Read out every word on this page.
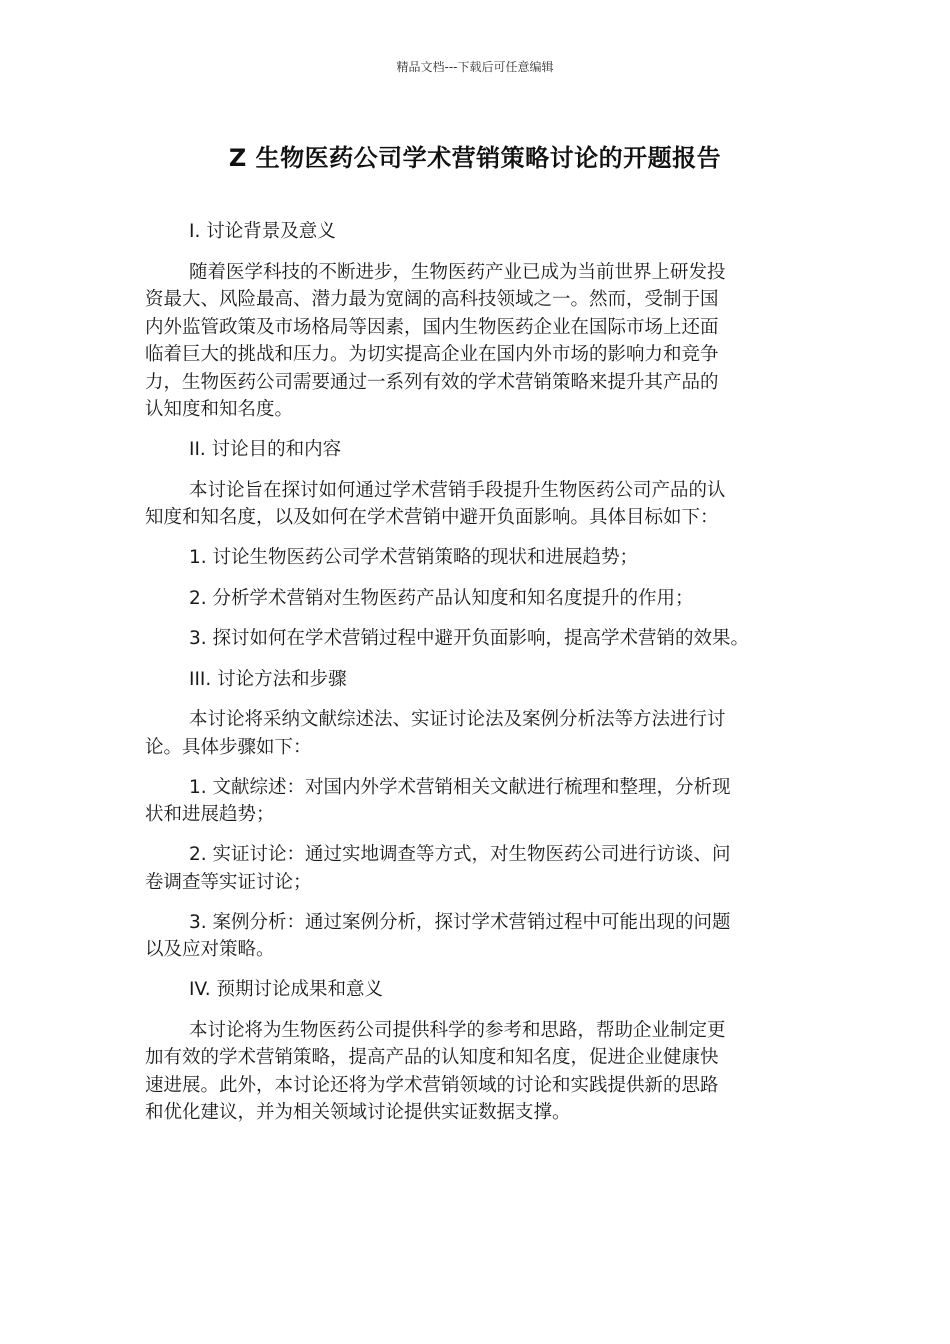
精品文档---下载后可任意编辑
Z 生物医药公司学术营销策略讨论的开题报告
I. 讨论背景及意义
随着医学科技的不断进步，生物医药产业已成为当前世界上研发投
资最大、风险最高、潜力最为宽阔的高科技领域之一。然而，受制于国
内外监管政策及市场格局等因素，国内生物医药企业在国际市场上还面
临着巨大的挑战和压力。为切实提高企业在国内外市场的影响力和竞争
力，生物医药公司需要通过一系列有效的学术营销策略来提升其产品的
认知度和知名度。
II. 讨论目的和内容
本讨论旨在探讨如何通过学术营销手段提升生物医药公司产品的认
知度和知名度，以及如何在学术营销中避开负面影响。具体目标如下：
1. 讨论生物医药公司学术营销策略的现状和进展趋势；
2. 分析学术营销对生物医药产品认知度和知名度提升的作用；
3. 探讨如何在学术营销过程中避开负面影响，提高学术营销的效果。
III. 讨论方法和步骤
本讨论将采纳文献综述法、实证讨论法及案例分析法等方法进行讨
论。具体步骤如下：
1. 文献综述：对国内外学术营销相关文献进行梳理和整理，分析现
状和进展趋势；
2. 实证讨论：通过实地调查等方式，对生物医药公司进行访谈、问
卷调查等实证讨论；
3. 案例分析：通过案例分析，探讨学术营销过程中可能出现的问题
以及应对策略。
IV. 预期讨论成果和意义
本讨论将为生物医药公司提供科学的参考和思路，帮助企业制定更
加有效的学术营销策略，提高产品的认知度和知名度，促进企业健康快
速进展。此外，本讨论还将为学术营销领域的讨论和实践提供新的思路
和优化建议，并为相关领域讨论提供实证数据支撑。
